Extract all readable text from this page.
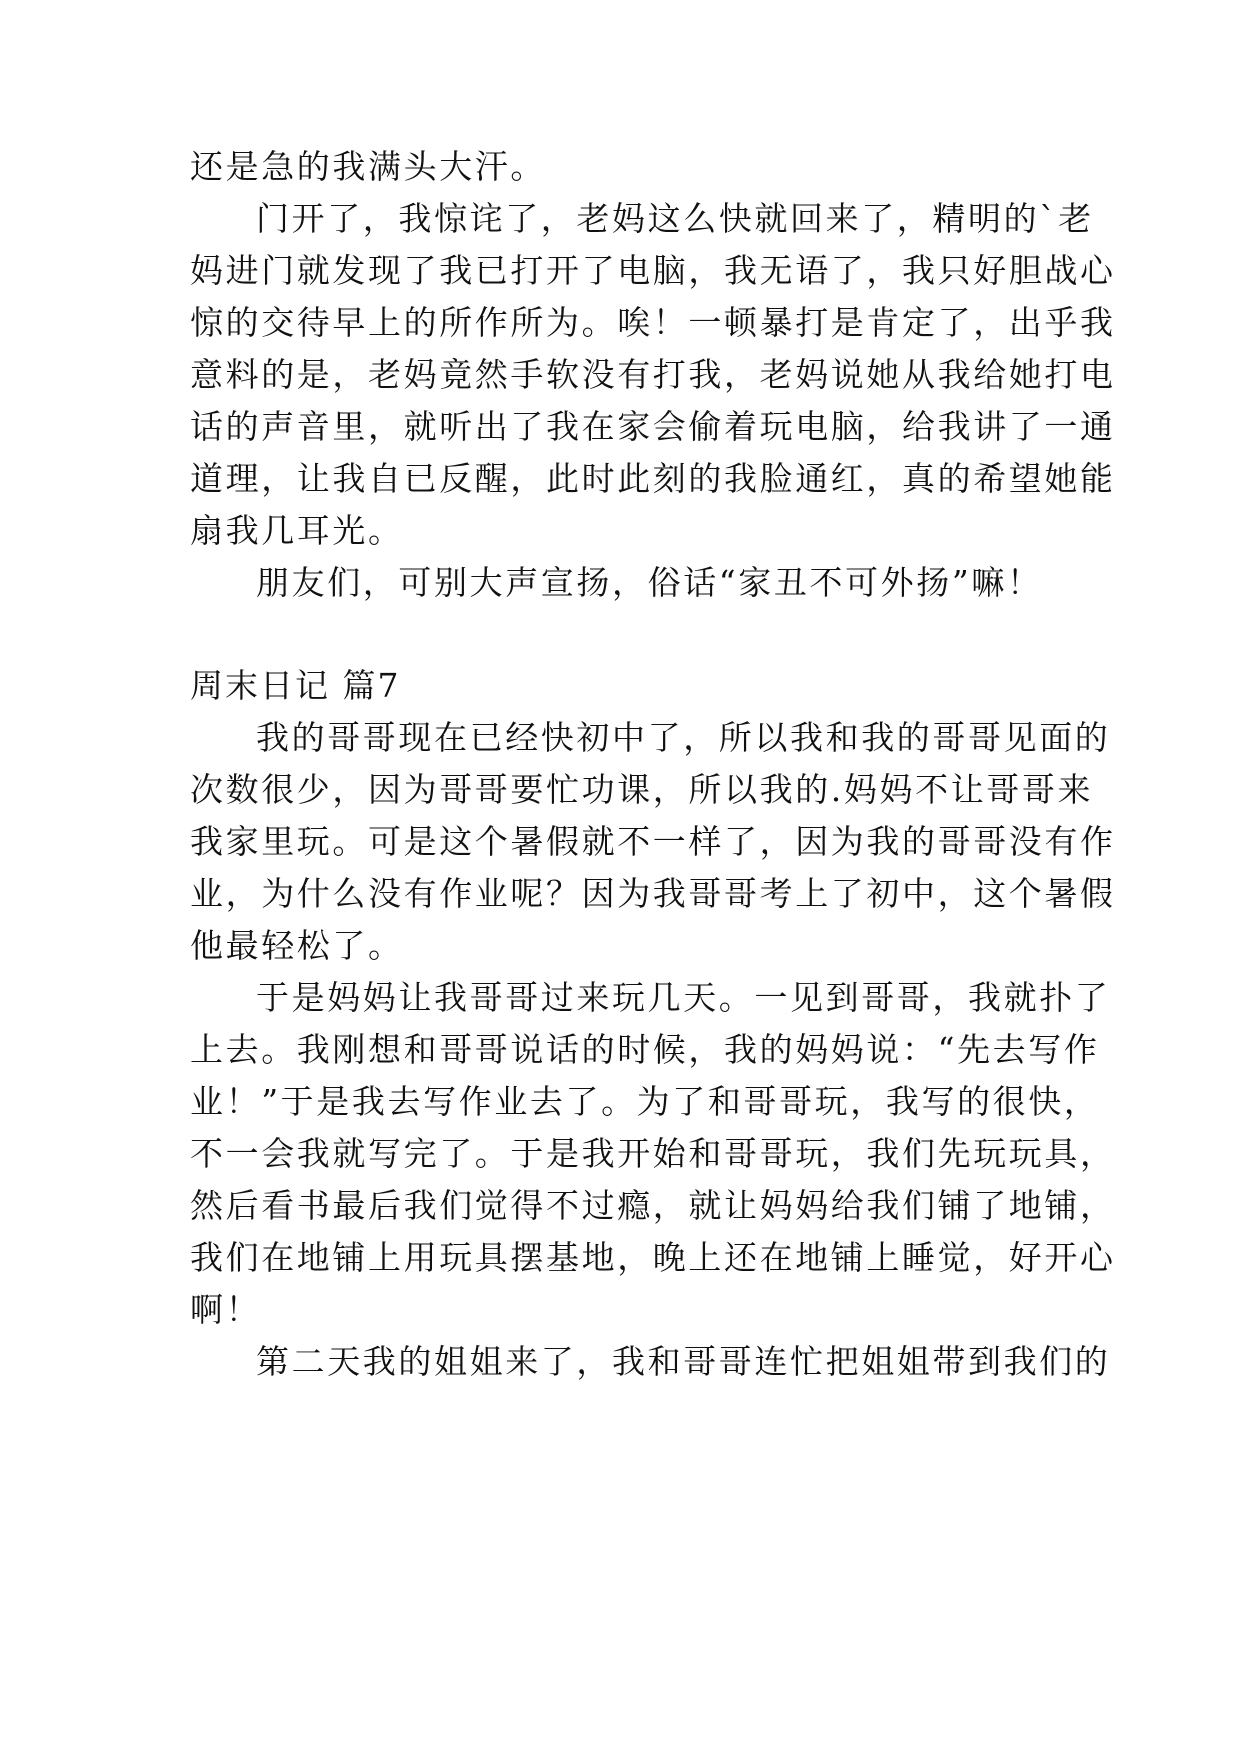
还是急的我满头大汗。
门开了，我惊诧了，老妈这么快就回来了，精明的`老
妈进门就发现了我已打开了电脑，我无语了，我只好胆战心
惊的交待早上的所作所为。唉！一顿暴打是肯定了，出乎我
意料的是，老妈竟然手软没有打我，老妈说她从我给她打电
话的声音里，就听出了我在家会偷着玩电脑，给我讲了一通
道理，让我自已反醒，此时此刻的我脸通红，真的希望她能
扇我几耳光。
朋友们，可别大声宣扬，俗话“家丑不可外扬”嘛！
周末日记 篇7
我的哥哥现在已经快初中了，所以我和我的哥哥见面的
次数很少，因为哥哥要忙功课，所以我的.妈妈不让哥哥来
我家里玩。可是这个暑假就不一样了，因为我的哥哥没有作
业，为什么没有作业呢？因为我哥哥考上了初中，这个暑假
他最轻松了。
于是妈妈让我哥哥过来玩几天。一见到哥哥，我就扑了
上去。我刚想和哥哥说话的时候，我的妈妈说：“先去写作
业！”于是我去写作业去了。为了和哥哥玩，我写的很快，
不一会我就写完了。于是我开始和哥哥玩，我们先玩玩具，
然后看书最后我们觉得不过瘾，就让妈妈给我们铺了地铺，
我们在地铺上用玩具摆基地，晚上还在地铺上睡觉，好开心
啊！
第二天我的姐姐来了，我和哥哥连忙把姐姐带到我们的
